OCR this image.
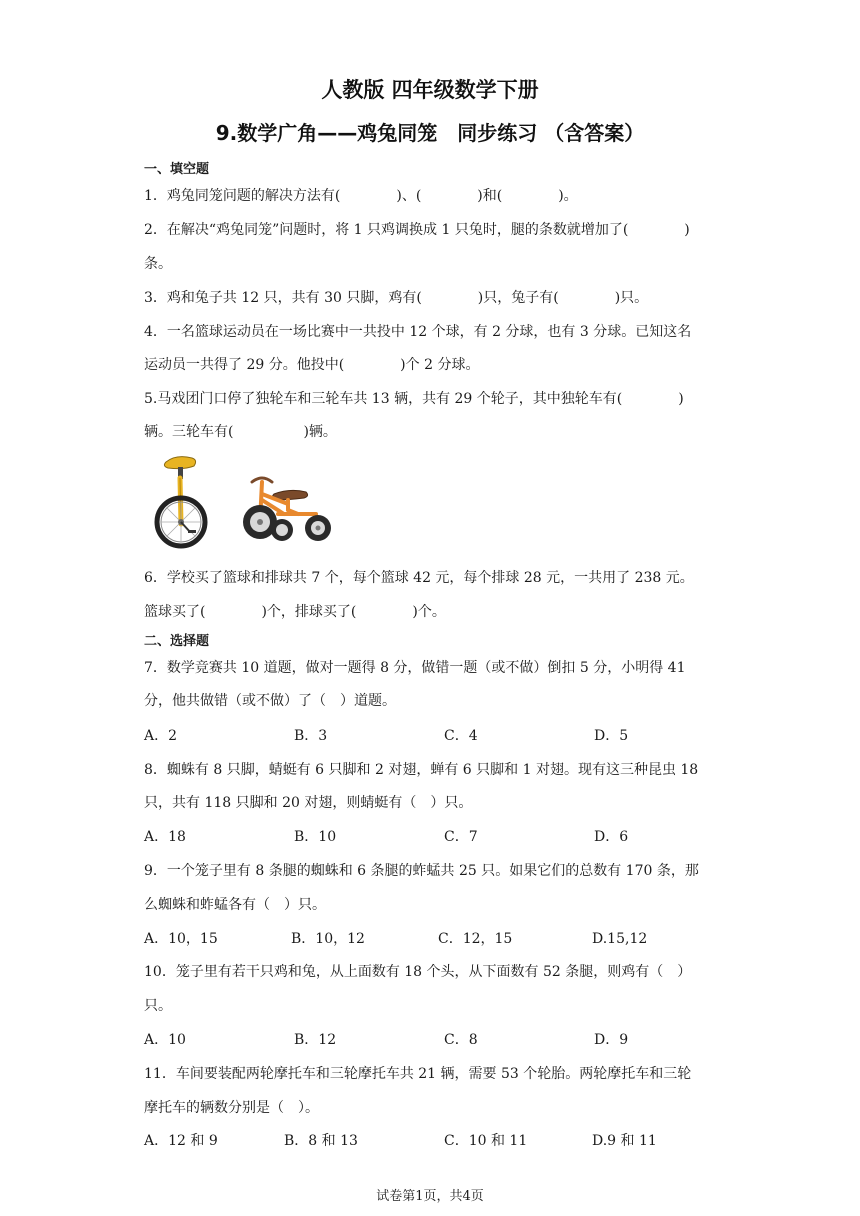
人教版 四年级数学下册
9.数学广角——鸡兔同笼　同步练习 （含答案）
一、填空题
1．鸡兔同笼问题的解决方法有(　　　　)、(　　　　)和(　　　　)。
2．在解决“鸡兔同笼”问题时，将 1 只鸡调换成 1 只兔时，腿的条数就增加了(　　　　)
条。
3．鸡和兔子共 12 只，共有 30 只脚，鸡有(　　　　)只，兔子有(　　　　)只。
4．一名篮球运动员在一场比赛中一共投中 12 个球，有 2 分球，也有 3 分球。已知这名
运动员一共得了 29 分。他投中(　　　　)个 2 分球。
5.马戏团门口停了独轮车和三轮车共 13 辆，共有 29 个轮子，其中独轮车有(　　　　)
辆。三轮车有(　　　　　)辆。
6．学校买了篮球和排球共 7 个，每个篮球 42 元，每个排球 28 元，一共用了 238 元。
篮球买了(　　　　)个，排球买了(　　　　)个。
二、选择题
7．数学竞赛共 10 道题，做对一题得 8 分，做错一题（或不做）倒扣 5 分，小明得 41
分，他共做错（或不做）了（　）道题。
A．2	B．3	C．4	D．5
8．蜘蛛有 8 只脚，蜻蜓有 6 只脚和 2 对翅，蝉有 6 只脚和 1 对翅。现有这三种昆虫 18
只，共有 118 只脚和 20 对翅，则蜻蜓有（　）只。
A．18	B．10	C．7	D．6
9．一个笼子里有 8 条腿的蜘蛛和 6 条腿的蚱蜢共 25 只。如果它们的总数有 170 条，那
么蜘蛛和蚱蜢各有（　）只。
A．10，15	B．10，12	C．12，15	D.15,12
10．笼子里有若干只鸡和兔，从上面数有 18 个头，从下面数有 52 条腿，则鸡有（　）
只。
A．10	B．12	C．8	D．9
11．车间要装配两轮摩托车和三轮摩托车共 21 辆，需要 53 个轮胎。两轮摩托车和三轮
摩托车的辆数分别是（　）。
A．12 和 9	B．8 和 13	C．10 和 11	D.9 和 11
试卷第1页，共4页
